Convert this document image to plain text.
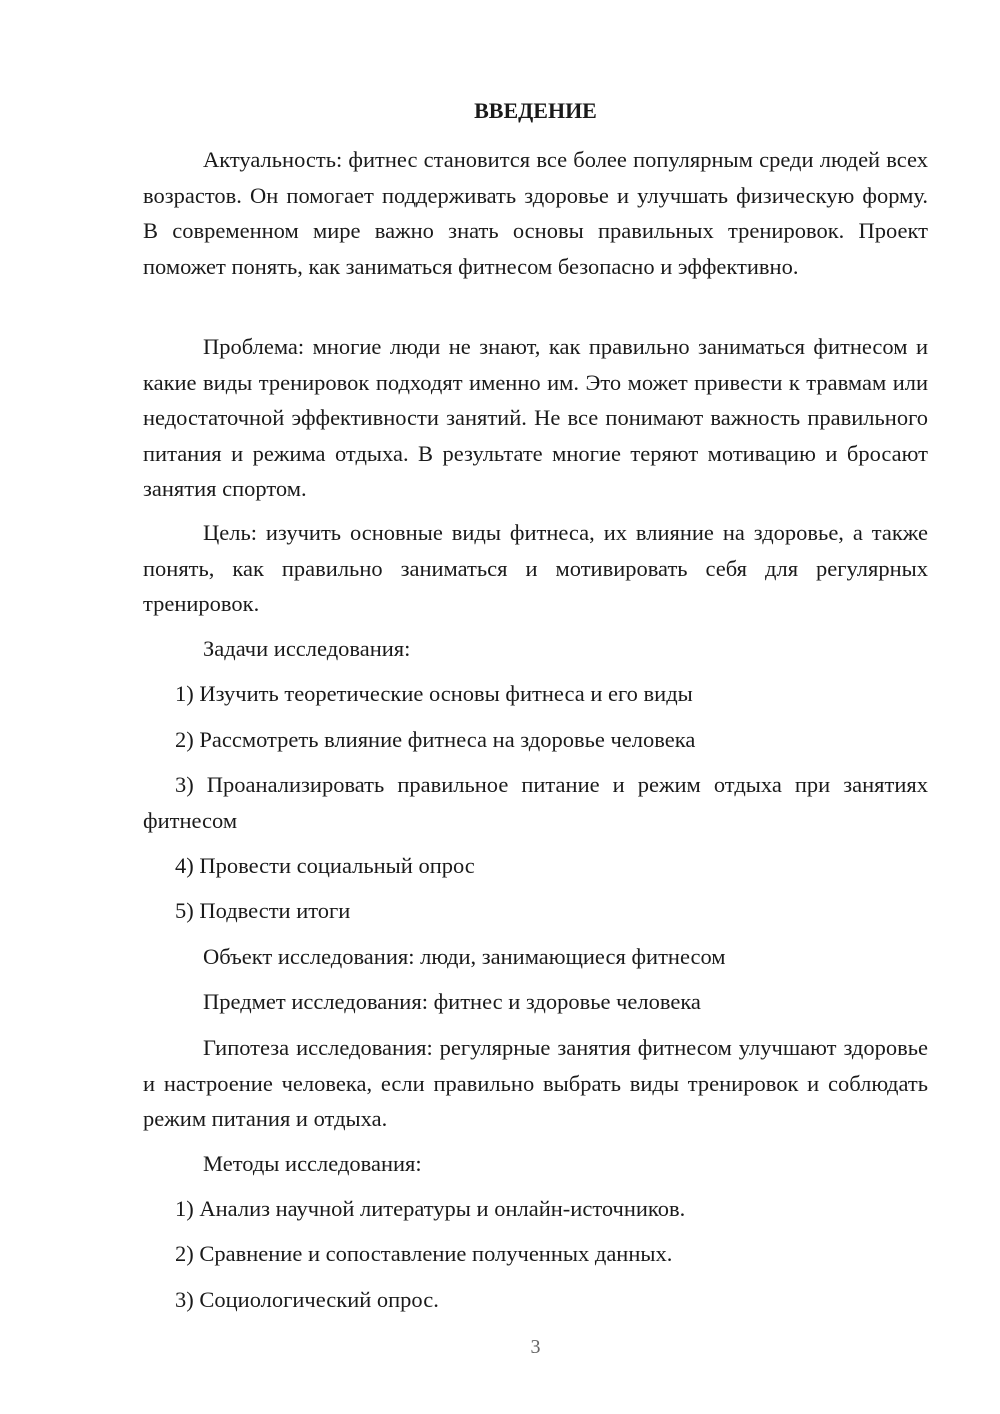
ВВЕДЕНИЕ

Актуальность: фитнес становится все более популярным среди людей всех возрастов. Он помогает поддерживать здоровье и улучшать физическую форму. В современном мире важно знать основы правильных тренировок. Проект поможет понять, как заниматься фитнесом безопасно и эффективно.

Проблема: многие люди не знают, как правильно заниматься фитнесом и какие виды тренировок подходят именно им. Это может привести к травмам или недостаточной эффективности занятий. Не все понимают важность правильного питания и режима отдыха. В результате многие теряют мотивацию и бросают занятия спортом.

Цель: изучить основные виды фитнеса, их влияние на здоровье, а также понять, как правильно заниматься и мотивировать себя для регулярных тренировок.

Задачи исследования:

1) Изучить теоретические основы фитнеса и его виды

2) Рассмотреть влияние фитнеса на здоровье человека

3) Проанализировать правильное питание и режим отдыха при занятиях фитнесом

4) Провести социальный опрос

5) Подвести итоги

Объект исследования: люди, занимающиеся фитнесом

Предмет исследования: фитнес и здоровье человека

Гипотеза исследования: регулярные занятия фитнесом улучшают здоровье и настроение человека, если правильно выбрать виды тренировок и соблюдать режим питания и отдыха.

Методы исследования:

1) Анализ научной литературы и онлайн-источников.

2) Сравнение и сопоставление полученных данных.

3) Социологический опрос.

3
